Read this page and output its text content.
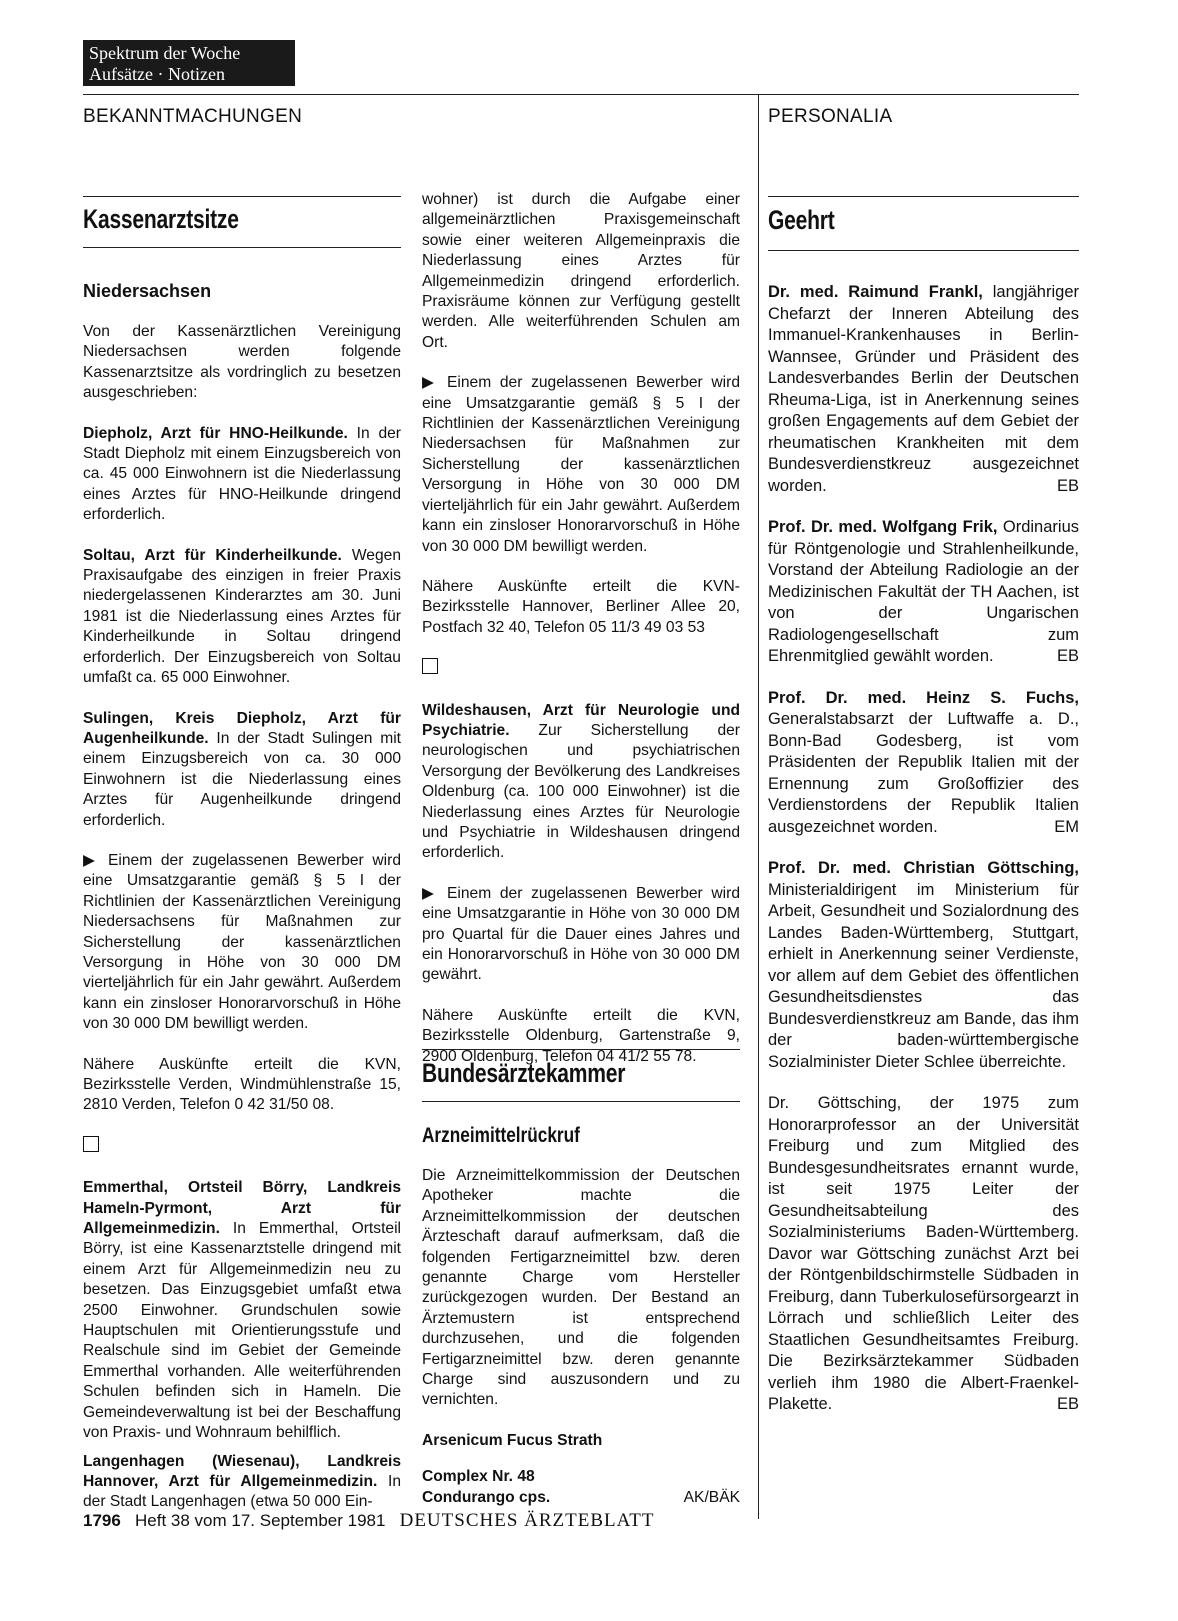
Spektrum der Woche
Aufsätze · Notizen
BEKANNTMACHUNGEN	PERSONALIA
Kassenarztsitze
Niedersachsen

Von der Kassenärztlichen Vereinigung Niedersachsen werden folgende Kassenarztsitze als vordringlich zu besetzen ausgeschrieben:

Diepholz, Arzt für HNO-Heilkunde. In der Stadt Diepholz mit einem Einzugsbereich von ca. 45 000 Einwohnern ist die Niederlassung eines Arztes für HNO-Heilkunde dringend erforderlich.

Soltau, Arzt für Kinderheilkunde. Wegen Praxisaufgabe des einzigen in freier Praxis niedergelassenen Kinderarztes am 30. Juni 1981 ist die Niederlassung eines Arztes für Kinderheilkunde in Soltau dringend erforderlich. Der Einzugsbereich von Soltau umfaßt ca. 65 000 Einwohner.

Sulingen, Kreis Diepholz, Arzt für Augenheilkunde. In der Stadt Sulingen mit einem Einzugsbereich von ca. 30 000 Einwohnern ist die Niederlassung eines Arztes für Augenheilkunde dringend erforderlich.

▶ Einem der zugelassenen Bewerber wird eine Umsatzgarantie gemäß § 5 I der Richtlinien der Kassenärztlichen Vereinigung Niedersachsens für Maßnahmen zur Sicherstellung der kassenärztlichen Versorgung in Höhe von 30 000 DM vierteljährlich für ein Jahr gewährt. Außerdem kann ein zinsloser Honorarvorschuß in Höhe von 30 000 DM bewilligt werden.

Nähere Auskünfte erteilt die KVN, Bezirksstelle Verden, Windmühlenstraße 15, 2810 Verden, Telefon 0 42 31/50 08.

Emmerthal, Ortsteil Börry, Landkreis Hameln-Pyrmont, Arzt für Allgemeinmedizin. In Emmerthal, Ortsteil Börry, ist eine Kassenarztstelle dringend mit einem Arzt für Allgemeinmedizin neu zu besetzen. Das Einzugsgebiet umfaßt etwa 2500 Einwohner. Grundschulen sowie Hauptschulen mit Orientierungsstufe und Realschule sind im Gebiet der Gemeinde Emmerthal vorhanden. Alle weiterführenden Schulen befinden sich in Hameln. Die Gemeindeverwaltung ist bei der Beschaffung von Praxis- und Wohnraum behilflich.

Langenhagen (Wiesenau), Landkreis Hannover, Arzt für Allgemeinmedizin. In der Stadt Langenhagen (etwa 50 000 Ein-

wohner) ist durch die Aufgabe einer allgemeinärztlichen Praxisgemeinschaft sowie einer weiteren Allgemeinpraxis die Niederlassung eines Arztes für Allgemeinmedizin dringend erforderlich. Praxisräume können zur Verfügung gestellt werden. Alle weiterführenden Schulen am Ort.

▶ Einem der zugelassenen Bewerber wird eine Umsatzgarantie gemäß § 5 I der Richtlinien der Kassenärztlichen Vereinigung Niedersachsen für Maßnahmen zur Sicherstellung der kassenärztlichen Versorgung in Höhe von 30 000 DM vierteljährlich für ein Jahr gewährt. Außerdem kann ein zinsloser Honorarvorschuß in Höhe von 30 000 DM bewilligt werden.

Nähere Auskünfte erteilt die KVN-Bezirksstelle Hannover, Berliner Allee 20, Postfach 32 40, Telefon 05 11/3 49 03 53

Wildeshausen, Arzt für Neurologie und Psychiatrie. Zur Sicherstellung der neurologischen und psychiatrischen Versorgung der Bevölkerung des Landkreises Oldenburg (ca. 100 000 Einwohner) ist die Niederlassung eines Arztes für Neurologie und Psychiatrie in Wildeshausen dringend erforderlich.

▶ Einem der zugelassenen Bewerber wird eine Umsatzgarantie in Höhe von 30 000 DM pro Quartal für die Dauer eines Jahres und ein Honorarvorschuß in Höhe von 30 000 DM gewährt.

Nähere Auskünfte erteilt die KVN, Bezirksstelle Oldenburg, Gartenstraße 9, 2900 Oldenburg, Telefon 04 41/2 55 78.

Bundesärztekammer
Arzneimittelrückruf

Die Arzneimittelkommission der Deutschen Apotheker machte die Arzneimittelkommission der deutschen Ärzteschaft darauf aufmerksam, daß die folgenden Fertigarzneimittel bzw. deren genannte Charge vom Hersteller zurückgezogen wurden. Der Bestand an Ärztemustern ist entsprechend durchzusehen, und die folgenden Fertigarzneimittel bzw. deren genannte Charge sind auszusondern und zu vernichten.

Arsenicum Fucus Strath

Complex Nr. 48

Condurango cps.	AK/BÄK

Geehrt

Dr. med. Raimund Frankl, langjähriger Chefarzt der Inneren Abteilung des Immanuel-Krankenhauses in Berlin-Wannsee, Gründer und Präsident des Landesverbandes Berlin der Deutschen Rheuma-Liga, ist in Anerkennung seines großen Engagements auf dem Gebiet der rheumatischen Krankheiten mit dem Bundesverdienstkreuz ausgezeichnet worden.	EB

Prof. Dr. med. Wolfgang Frik, Ordinarius für Röntgenologie und Strahlenheilkunde, Vorstand der Abteilung Radiologie an der Medizinischen Fakultät der TH Aachen, ist von der Ungarischen Radiologengesellschaft zum Ehrenmitglied gewählt worden.	EB

Prof. Dr. med. Heinz S. Fuchs, Generalstabsarzt der Luftwaffe a. D., Bonn-Bad Godesberg, ist vom Präsidenten der Republik Italien mit der Ernennung zum Großoffizier des Verdienstordens der Republik Italien ausgezeichnet worden.	EM

Prof. Dr. med. Christian Göttsching, Ministerialdirigent im Ministerium für Arbeit, Gesundheit und Sozialordnung des Landes Baden-Württemberg, Stuttgart, erhielt in Anerkennung seiner Verdienste, vor allem auf dem Gebiet des öffentlichen Gesundheitsdienstes das Bundesverdienstkreuz am Bande, das ihm der baden-württembergische Sozialminister Dieter Schlee überreichte.

Dr. Göttsching, der 1975 zum Honorarprofessor an der Universität Freiburg und zum Mitglied des Bundesgesundheitsrates ernannt wurde, ist seit 1975 Leiter der Gesundheitsabteilung des Sozialministeriums Baden-Württemberg. Davor war Göttsching zunächst Arzt bei der Röntgenbildschirmstelle Südbaden in Freiburg, dann Tuberkulosefürsorgearzt in Lörrach und schließlich Leiter des Staatlichen Gesundheitsamtes Freiburg. Die Bezirksärztekammer Südbaden verlieh ihm 1980 die Albert-Fraenkel-Plakette.	EB

1796 Heft 38 vom 17. September 1981 DEUTSCHES ÄRZTEBLATT
